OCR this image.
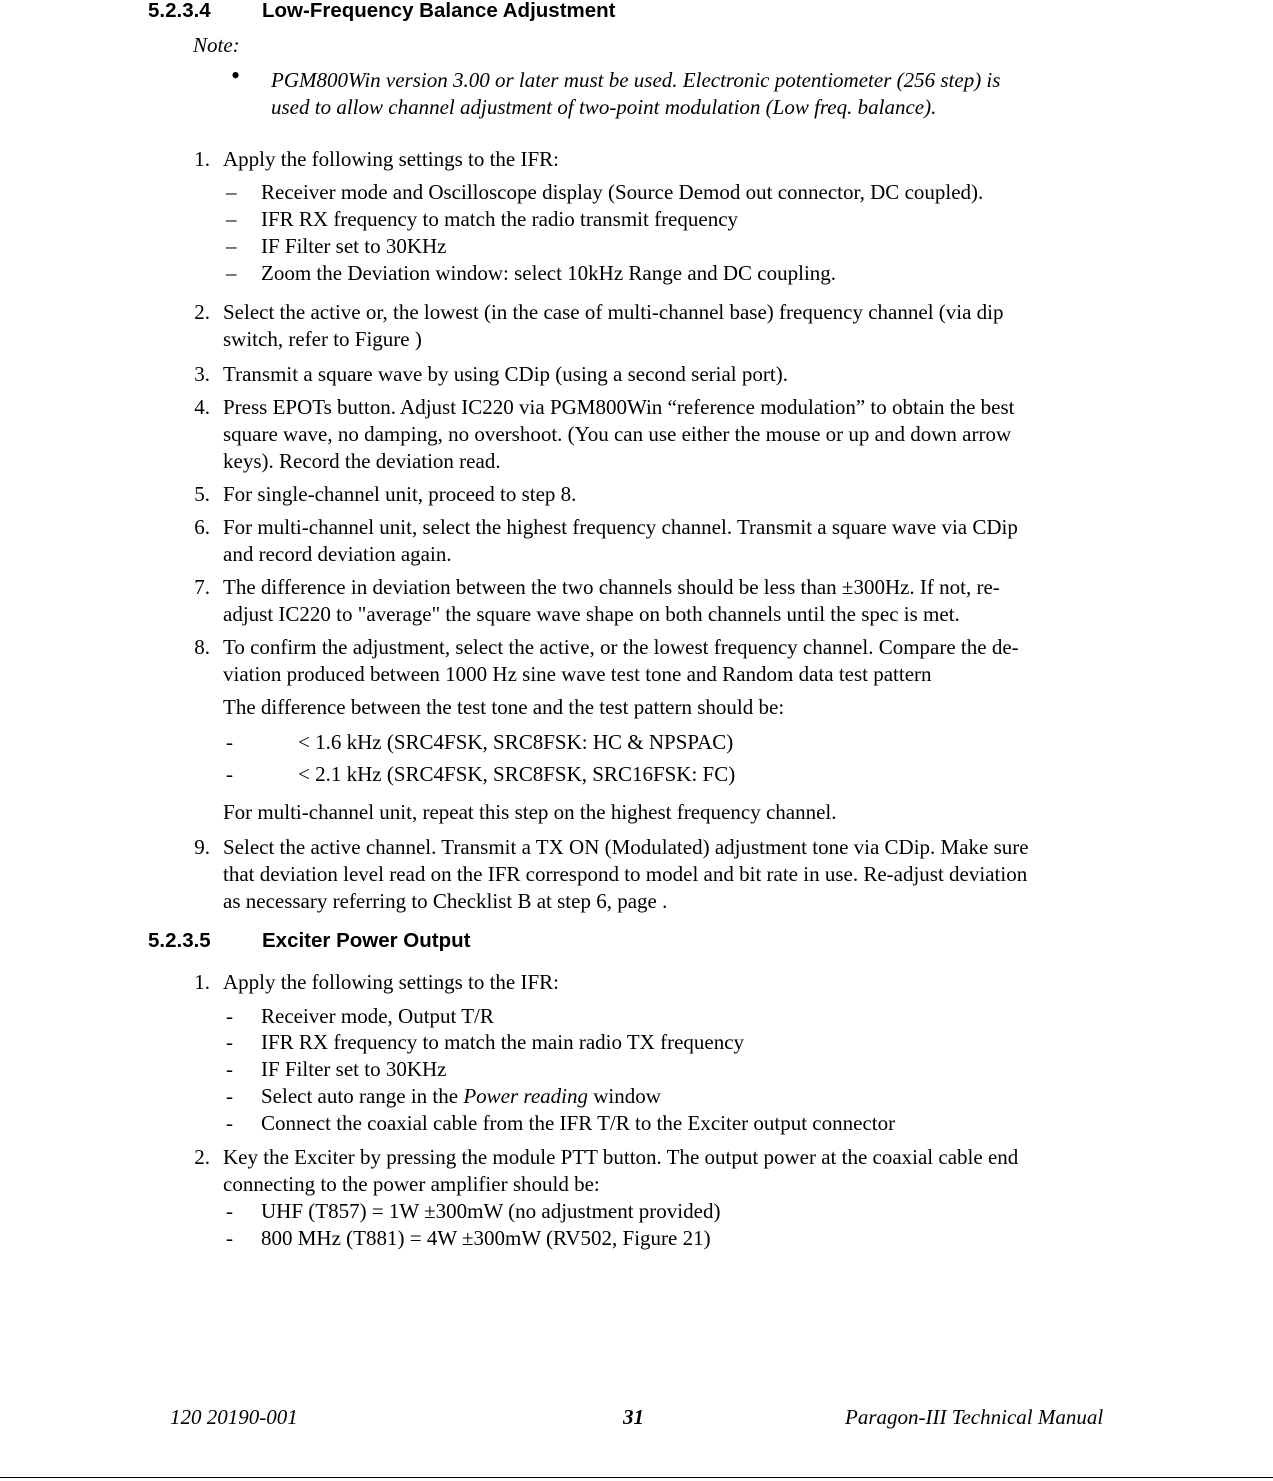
5.2.3.4	Low-Frequency Balance Adjustment
Note:
• PGM800Win version 3.00 or later must be used. Electronic potentiometer (256 step) is
used to allow channel adjustment of two-point modulation (Low freq. balance).
1. Apply the following settings to the IFR:
– Receiver mode and Oscilloscope display (Source Demod out connector, DC coupled).
– IFR RX frequency to match the radio transmit frequency
– IF Filter set to 30KHz
– Zoom the Deviation window: select 10kHz Range and DC coupling.
2. Select the active or, the lowest (in the case of multi-channel base) frequency channel (via dip
switch, refer to Figure )
3. Transmit a square wave by using CDip (using a second serial port).
4. Press EPOTs button. Adjust IC220 via PGM800Win “reference modulation” to obtain the best
square wave, no damping, no overshoot. (You can use either the mouse or up and down arrow
keys). Record the deviation read.
5. For single-channel unit, proceed to step 8.
6. For multi-channel unit, select the highest frequency channel. Transmit a square wave via CDip
and record deviation again.
7. The difference in deviation between the two channels should be less than ±300Hz. If not, re-
adjust IC220 to "average" the square wave shape on both channels until the spec is met.
8. To confirm the adjustment, select the active, or the lowest frequency channel. Compare the de-
viation produced between 1000 Hz sine wave test tone and Random data test pattern
The difference between the test tone and the test pattern should be:
-	< 1.6 kHz (SRC4FSK, SRC8FSK: HC & NPSPAC)
-	< 2.1 kHz (SRC4FSK, SRC8FSK, SRC16FSK: FC)
For multi-channel unit, repeat this step on the highest frequency channel.
9. Select the active channel. Transmit a TX ON (Modulated) adjustment tone via CDip. Make sure
that deviation level read on the IFR correspond to model and bit rate in use. Re-adjust deviation
as necessary referring to Checklist B at step 6, page .
5.2.3.5	Exciter Power Output
1. Apply the following settings to the IFR:
- Receiver mode, Output T/R
- IFR RX frequency to match the main radio TX frequency
- IF Filter set to 30KHz
- Select auto range in the Power reading window
- Connect the coaxial cable from the IFR T/R to the Exciter output connector
2. Key the Exciter by pressing the module PTT button. The output power at the coaxial cable end
connecting to the power amplifier should be:
- UHF (T857) = 1W ±300mW (no adjustment provided)
- 800 MHz (T881) = 4W ±300mW (RV502, Figure 21)
120 20190-001	31	Paragon-III Technical Manual
